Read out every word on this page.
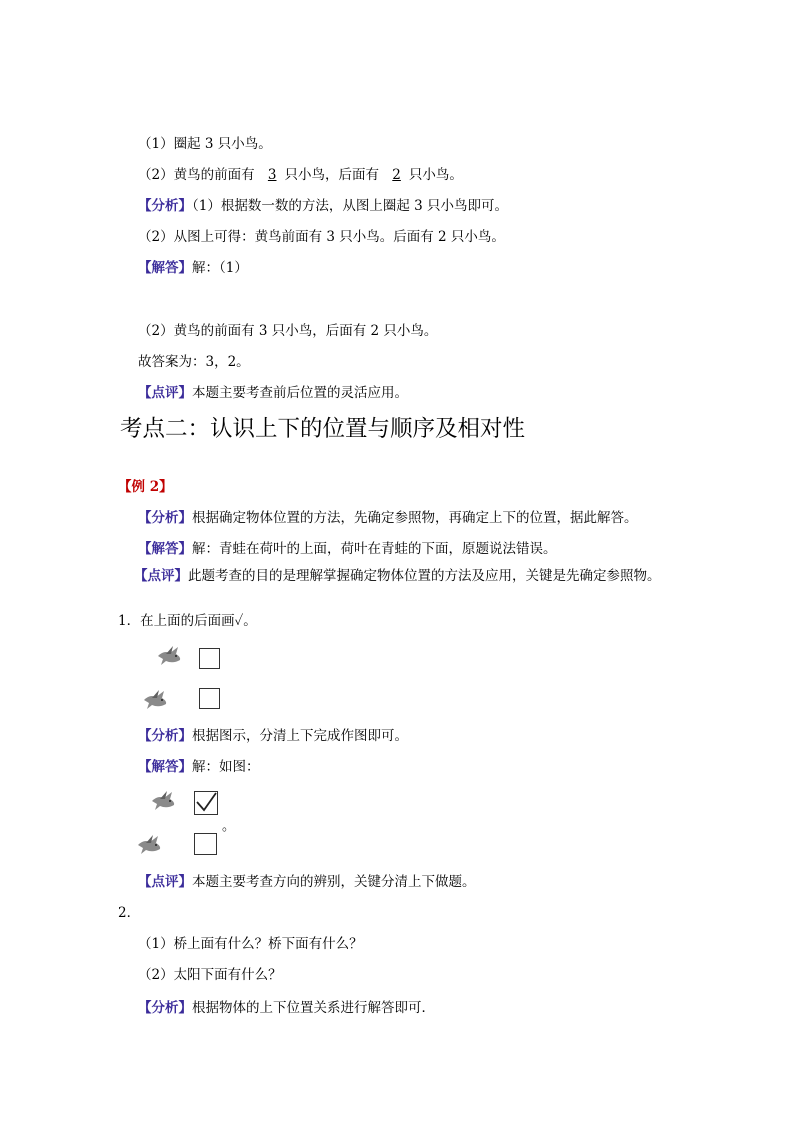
（1）圈起 3 只小鸟。
（2）黄鸟的前面有 3 只小鸟，后面有 2 只小鸟。
【分析】（1）根据数一数的方法，从图上圈起 3 只小鸟即可。
（2）从图上可得：黄鸟前面有 3 只小鸟。后面有 2 只小鸟。
【解答】解：（1）
（2）黄鸟的前面有 3 只小鸟，后面有 2 只小鸟。
故答案为：3，2。
【点评】本题主要考查前后位置的灵活应用。
考点二：认识上下的位置与顺序及相对性
【例 2】
【分析】根据确定物体位置的方法，先确定参照物，再确定上下的位置，据此解答。
【解答】解：青蛙在荷叶的上面，荷叶在青蛙的下面，原题说法错误。
【点评】此题考查的目的是理解掌握确定物体位置的方法及应用，关键是先确定参照物。
1．在上面的后面画✓。
【分析】根据图示，分清上下完成作图即可。
【解答】解：如图：
。
【点评】本题主要考查方向的辨别，关键分清上下做题。
2．
（1）桥上面有什么？桥下面有什么？
（2）太阳下面有什么？
【分析】根据物体的上下位置关系进行解答即可．
